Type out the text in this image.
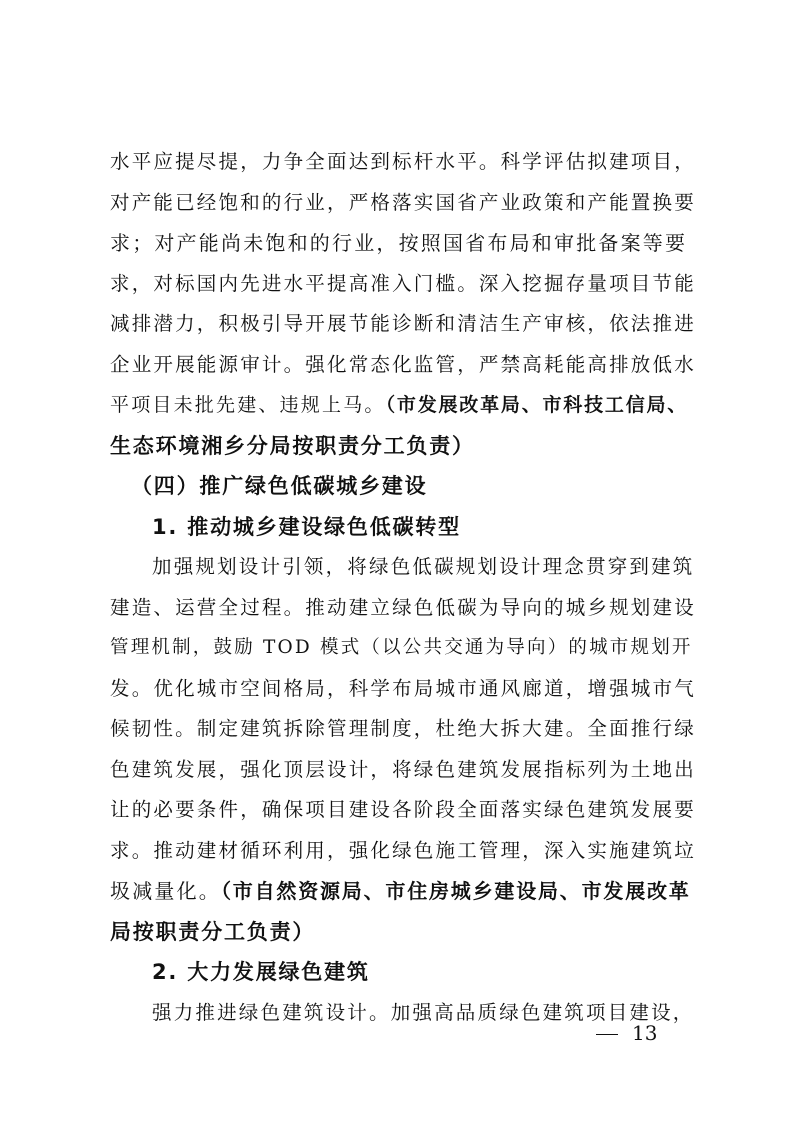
水平应提尽提，力争全面达到标杆水平。科学评估拟建项目，
对产能已经饱和的行业，严格落实国省产业政策和产能置换要
求；对产能尚未饱和的行业，按照国省布局和审批备案等要
求，对标国内先进水平提高准入门槛。深入挖掘存量项目节能
减排潜力，积极引导开展节能诊断和清洁生产审核，依法推进
企业开展能源审计。强化常态化监管，严禁高耗能高排放低水
平项目未批先建、违规上马。（市发展改革局、市科技工信局、
生态环境湘乡分局按职责分工负责）
（四）推广绿色低碳城乡建设
1. 推动城乡建设绿色低碳转型
加强规划设计引领，将绿色低碳规划设计理念贯穿到建筑
建造、运营全过程。推动建立绿色低碳为导向的城乡规划建设
管理机制，鼓励 TOD 模式（以公共交通为导向）的城市规划开
发。优化城市空间格局，科学布局城市通风廊道，增强城市气
候韧性。制定建筑拆除管理制度，杜绝大拆大建。全面推行绿
色建筑发展，强化顶层设计，将绿色建筑发展指标列为土地出
让的必要条件，确保项目建设各阶段全面落实绿色建筑发展要
求。推动建材循环利用，强化绿色施工管理，深入实施建筑垃
圾减量化。（市自然资源局、市住房城乡建设局、市发展改革
局按职责分工负责）
2. 大力发展绿色建筑
强力推进绿色建筑设计。加强高品质绿色建筑项目建设，
13
